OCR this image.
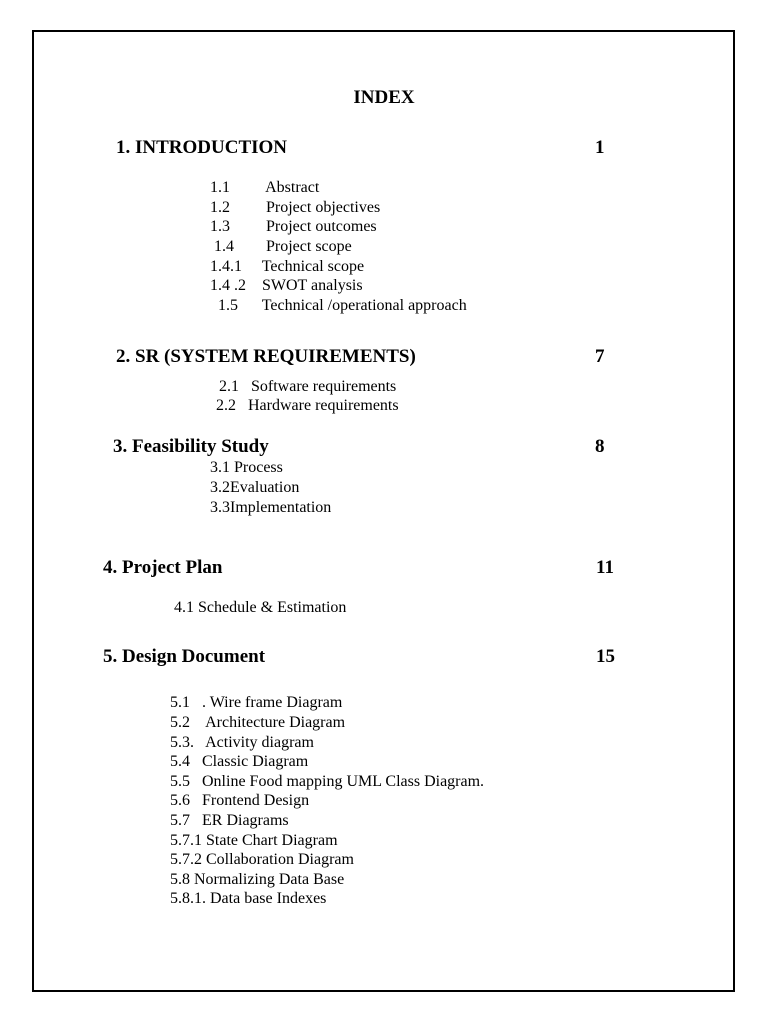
INDEX
1. INTRODUCTION	1
1.1         Abstract
1.2         Project objectives
1.3         Project outcomes
1.4        Project scope
1.4.1     Technical scope
1.4 .2    SWOT analysis
1.5      Technical /operational approach
2. SR (SYSTEM REQUIREMENTS)	7
2.1   Software requirements
2.2   Hardware requirements
3. Feasibility Study	8
3.1 Process
3.2Evaluation
3.3Implementation
4. Project Plan	11
4.1 Schedule & Estimation
5. Design Document	15
5.1   . Wire frame Diagram
5.2    Architecture Diagram
5.3.   Activity diagram
5.4   Classic Diagram
5.5   Online Food mapping UML Class Diagram.
5.6   Frontend Design
5.7   ER Diagrams
5.7.1 State Chart Diagram
5.7.2 Collaboration Diagram
5.8 Normalizing Data Base
5.8.1. Data base Indexes
